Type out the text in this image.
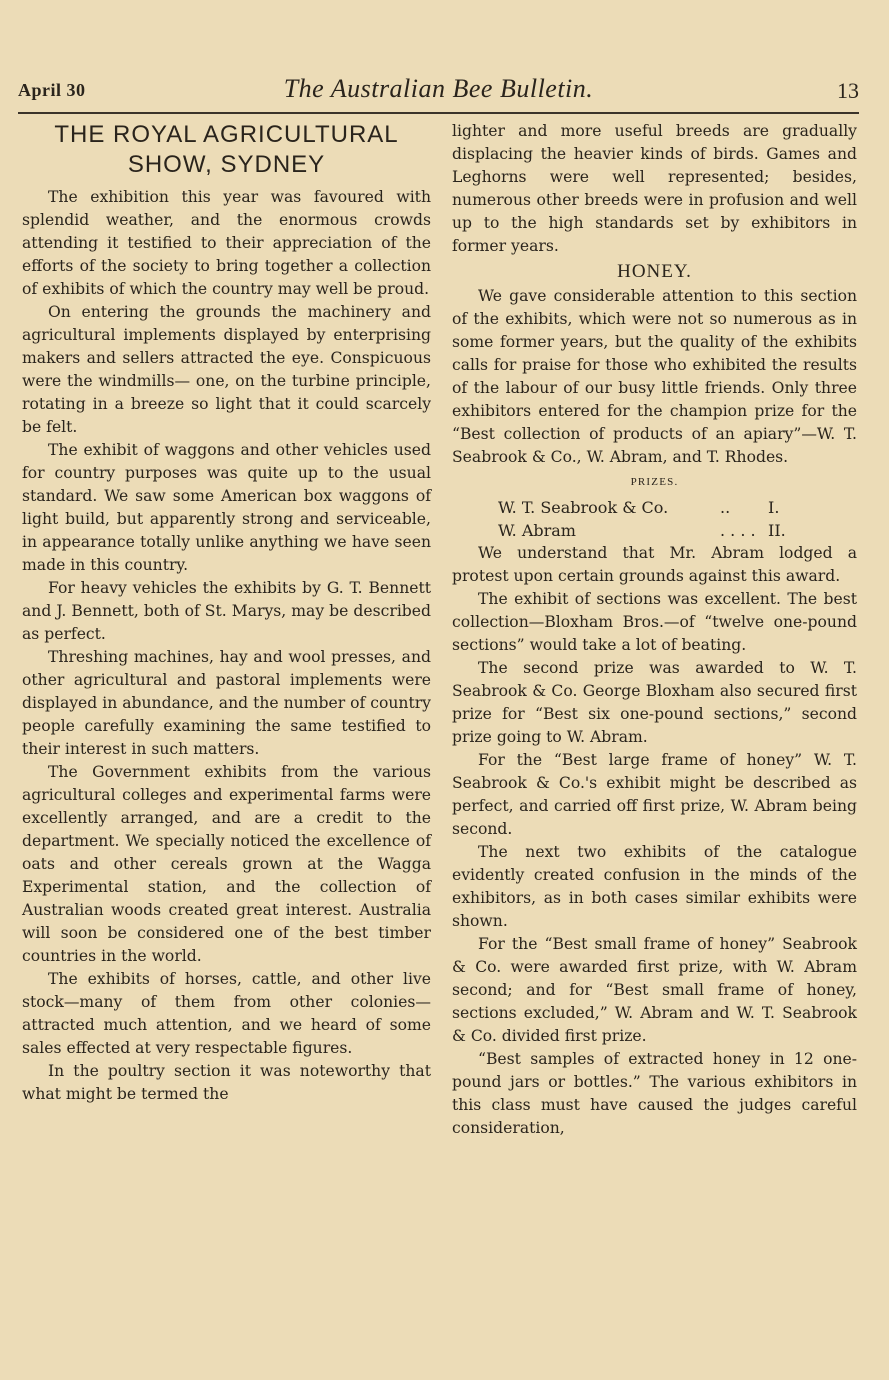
April 30	The Australian Bee Bulletin.	13
THE ROYAL AGRICULTURAL
SHOW, SYDNEY

The exhibition this year was favoured with splendid weather, and the enormous crowds attending it testified to their appreciation of the efforts of the society to bring together a collection of exhibits of which the country may well be proud.

On entering the grounds the machinery and agricultural implements displayed by enterprising makers and sellers attracted the eye. Conspicuous were the windmills— one, on the turbine principle, rotating in a breeze so light that it could scarcely be felt.

The exhibit of waggons and other vehicles used for country purposes was quite up to the usual standard. We saw some American box waggons of light build, but apparently strong and serviceable, in appearance totally unlike anything we have seen made in this country.

For heavy vehicles the exhibits by G. T. Bennett and J. Bennett, both of St. Marys, may be described as perfect.

Threshing machines, hay and wool presses, and other agricultural and pastoral implements were displayed in abundance, and the number of country people carefully examining the same testified to their interest in such matters.

The Government exhibits from the various agricultural colleges and experimental farms were excellently arranged, and are a credit to the department. We specially noticed the excellence of oats and other cereals grown at the Wagga Experimental station, and the collection of Australian woods created great interest. Australia will soon be considered one of the best timber countries in the world.

The exhibits of horses, cattle, and other live stock—many of them from other colonies—attracted much attention, and we heard of some sales effected at very respectable figures.

In the poultry section it was noteworthy that what might be termed the

lighter and more useful breeds are gradually displacing the heavier kinds of birds. Games and Leghorns were well represented; besides, numerous other breeds were in profusion and well up to the high standards set by exhibitors in former years.

HONEY.

We gave considerable attention to this section of the exhibits, which were not so numerous as in some former years, but the quality of the exhibits calls for praise for those who exhibited the results of the labour of our busy little friends. Only three exhibitors entered for the champion prize for the “Best collection of products of an apiary”—W. T. Seabrook & Co., W. Abram, and T. Rhodes.

PRIZES.
W. T. Seabrook & Co.	..	I.
W. Abram	. . . . II.

We understand that Mr. Abram lodged a protest upon certain grounds against this award.

The exhibit of sections was excellent. The best collection—Bloxham Bros.—of “twelve one-pound sections” would take a lot of beating.

The second prize was awarded to W. T. Seabrook & Co. George Bloxham also secured first prize for “Best six one-pound sections,” second prize going to W. Abram.

For the “Best large frame of honey” W. T. Seabrook & Co.'s exhibit might be described as perfect, and carried off first prize, W. Abram being second.

The next two exhibits of the catalogue evidently created confusion in the minds of the exhibitors, as in both cases similar exhibits were shown.

For the “Best small frame of honey” Seabrook & Co. were awarded first prize, with W. Abram second; and for “Best small frame of honey, sections excluded,” W. Abram and W. T. Seabrook & Co. divided first prize.

“Best samples of extracted honey in 12 one-pound jars or bottles.” The various exhibitors in this class must have caused the judges careful consideration,
